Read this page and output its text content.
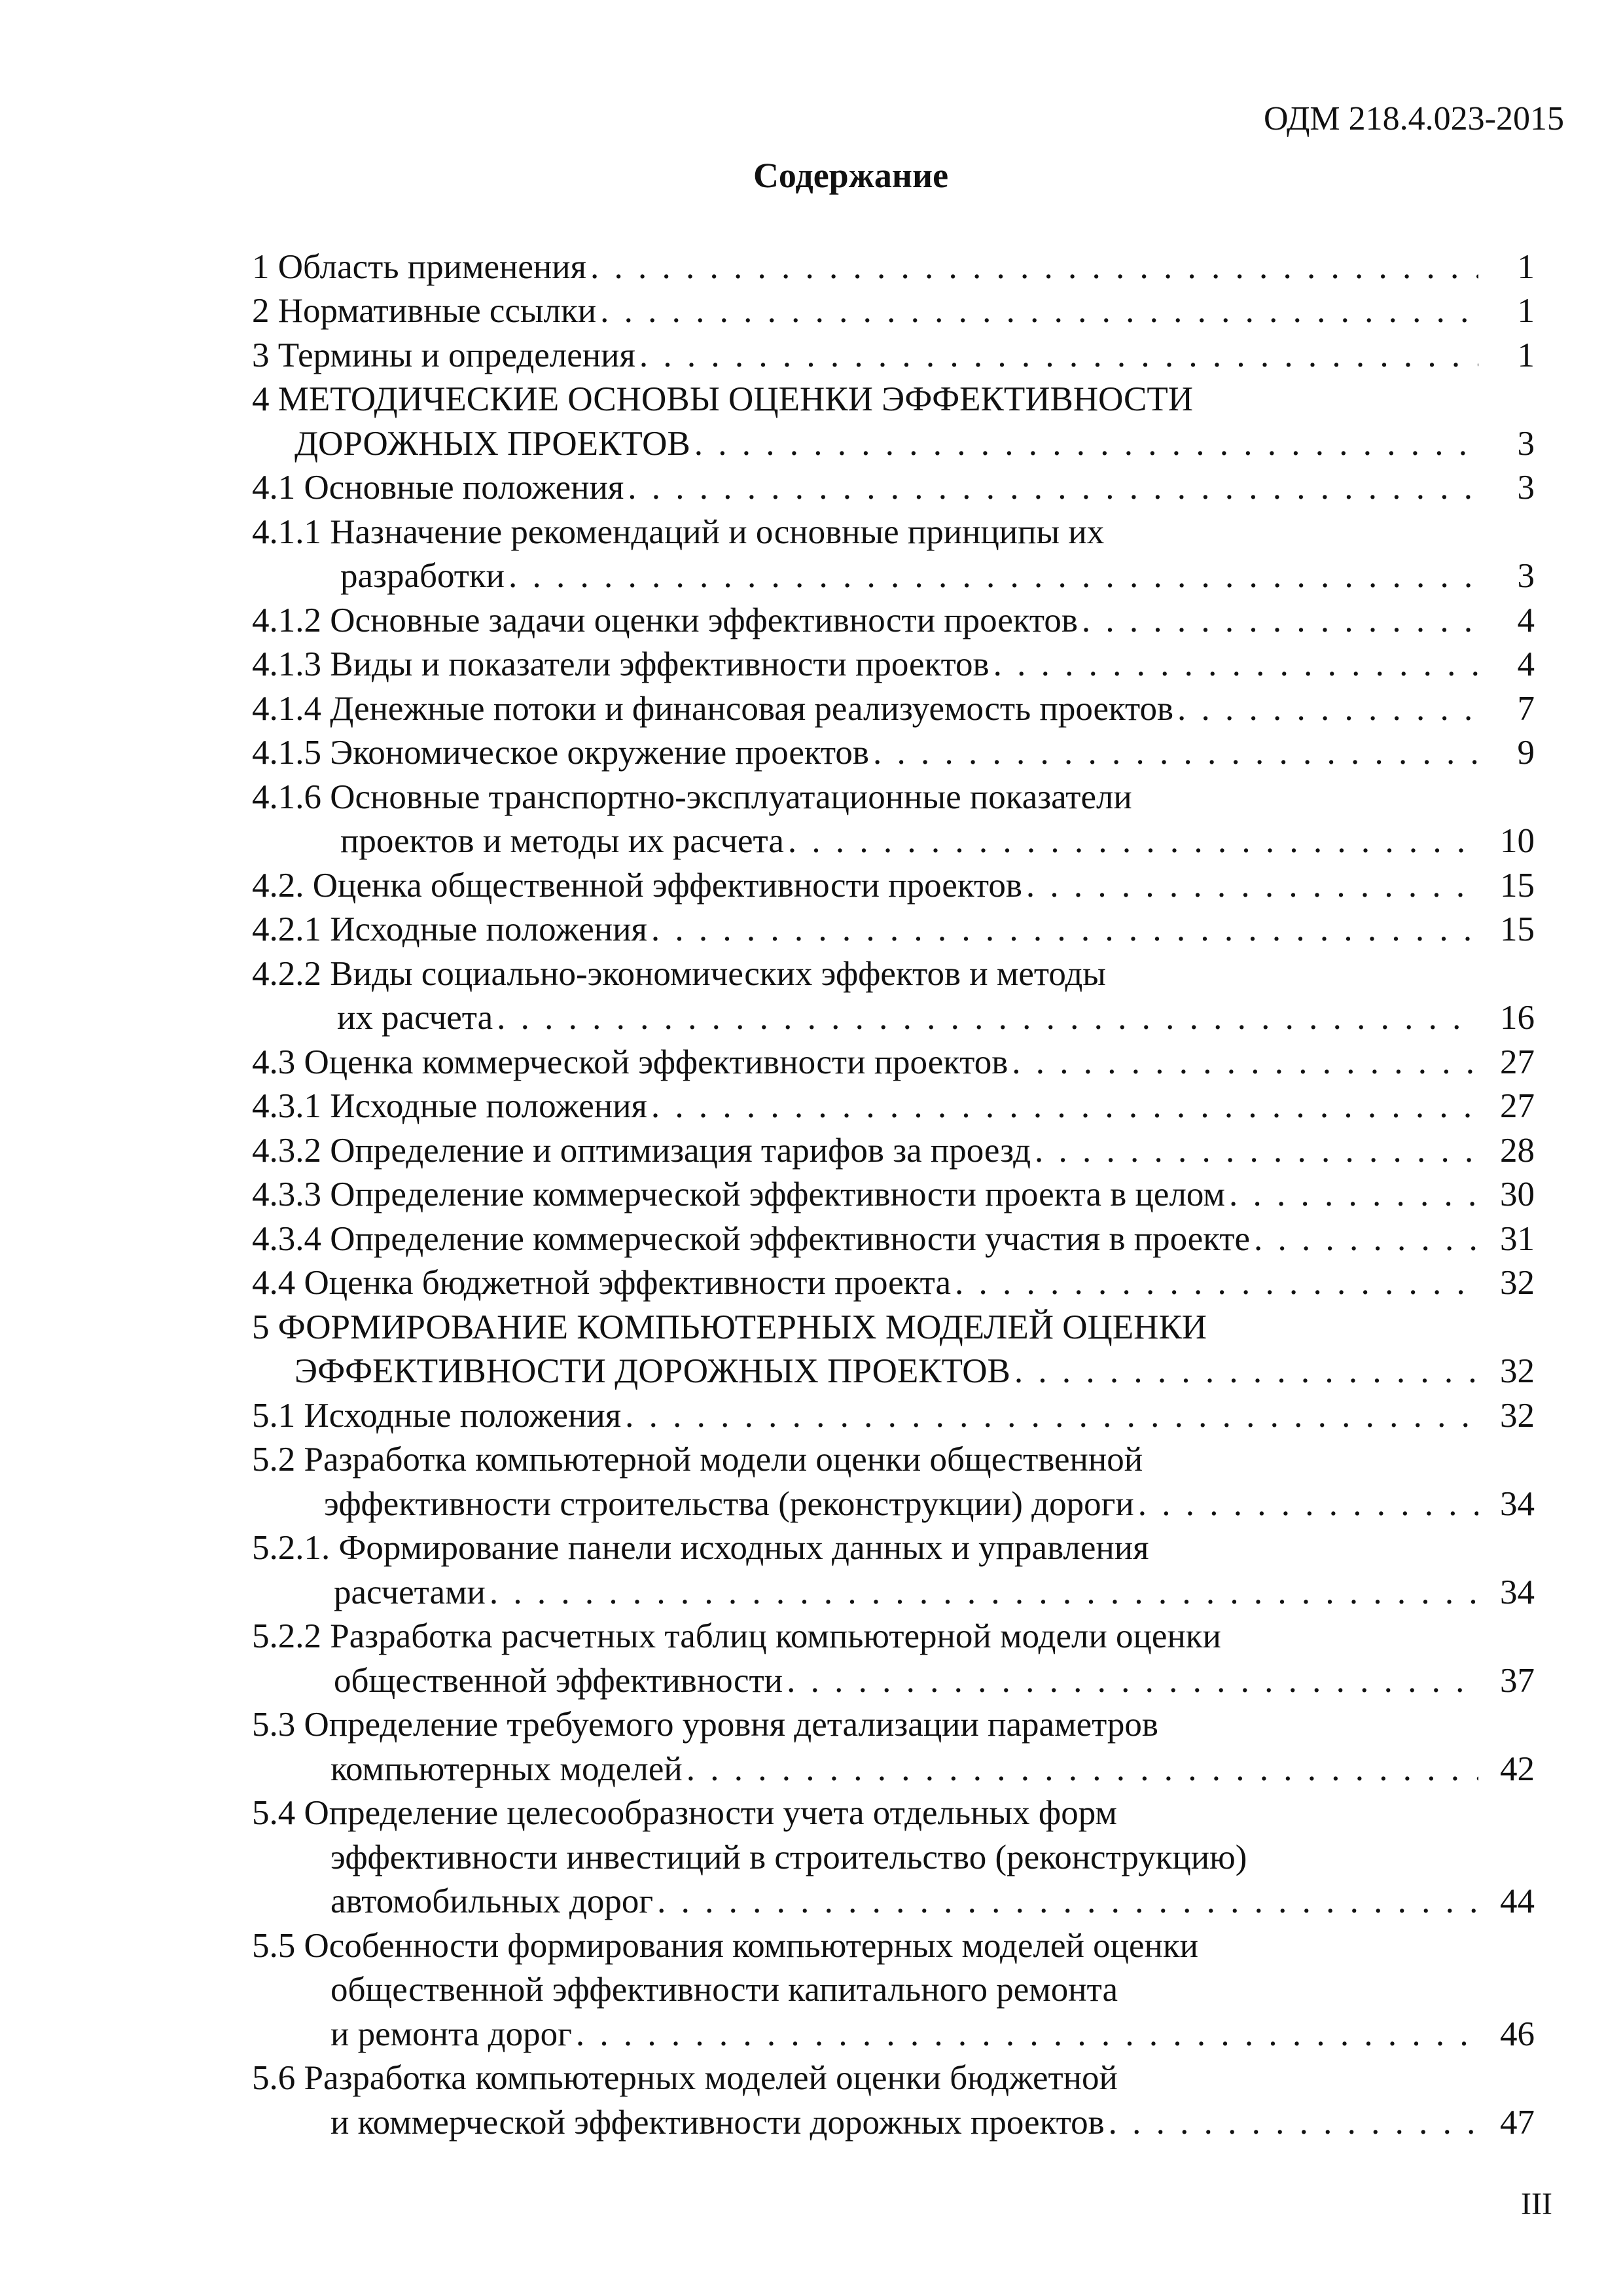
ОДМ 218.4.023-2015
Содержание
1 Область применения . . .	1
2 Нормативные ссылки . . .	1
3 Термины и определения . . .	1
4 МЕТОДИЧЕСКИЕ ОСНОВЫ ОЦЕНКИ ЭФФЕКТИВНОСТИ
ДОРОЖНЫХ ПРОЕКТОВ . . .	3
4.1 Основные положения . . .	3
4.1.1 Назначение рекомендаций и основные принципы их
разработки . . .	3
4.1.2 Основные задачи оценки эффективности проектов . . .	4
4.1.3 Виды и показатели эффективности проектов . . .	4
4.1.4 Денежные потоки и финансовая реализуемость проектов . . .	7
4.1.5 Экономическое окружение проектов . . .	9
4.1.6 Основные транспортно-эксплуатационные показатели
проектов и методы их расчета . . .	10
4.2. Оценка общественной эффективности проектов . . .	15
4.2.1 Исходные положения . . .	15
4.2.2 Виды социально-экономических эффектов и методы
их расчета . . .	16
4.3 Оценка коммерческой эффективности проектов . . .	27
4.3.1 Исходные положения . . .	27
4.3.2 Определение и оптимизация тарифов за проезд . . .	28
4.3.3 Определение коммерческой эффективности проекта в целом . . .	30
4.3.4 Определение коммерческой эффективности участия в проекте . . .	31
4.4 Оценка бюджетной эффективности проекта . . .	32
5 ФОРМИРОВАНИЕ КОМПЬЮТЕРНЫХ МОДЕЛЕЙ ОЦЕНКИ
ЭФФЕКТИВНОСТИ ДОРОЖНЫХ ПРОЕКТОВ . . .	32
5.1 Исходные положения . . .	32
5.2 Разработка компьютерной модели оценки общественной
эффективности строительства (реконструкции) дороги . . .	34
5.2.1. Формирование панели исходных данных и управления
расчетами . . .	34
5.2.2 Разработка расчетных таблиц компьютерной модели оценки
общественной эффективности . . .	37
5.3 Определение требуемого уровня детализации параметров
компьютерных моделей . . .	42
5.4 Определение целесообразности учета отдельных форм
эффективности инвестиций в строительство (реконструкцию)
автомобильных дорог . . .	44
5.5 Особенности формирования компьютерных моделей оценки
общественной эффективности капитального ремонта
и ремонта дорог . . .	46
5.6 Разработка компьютерных моделей оценки бюджетной
и коммерческой эффективности дорожных проектов . . .	47
III
